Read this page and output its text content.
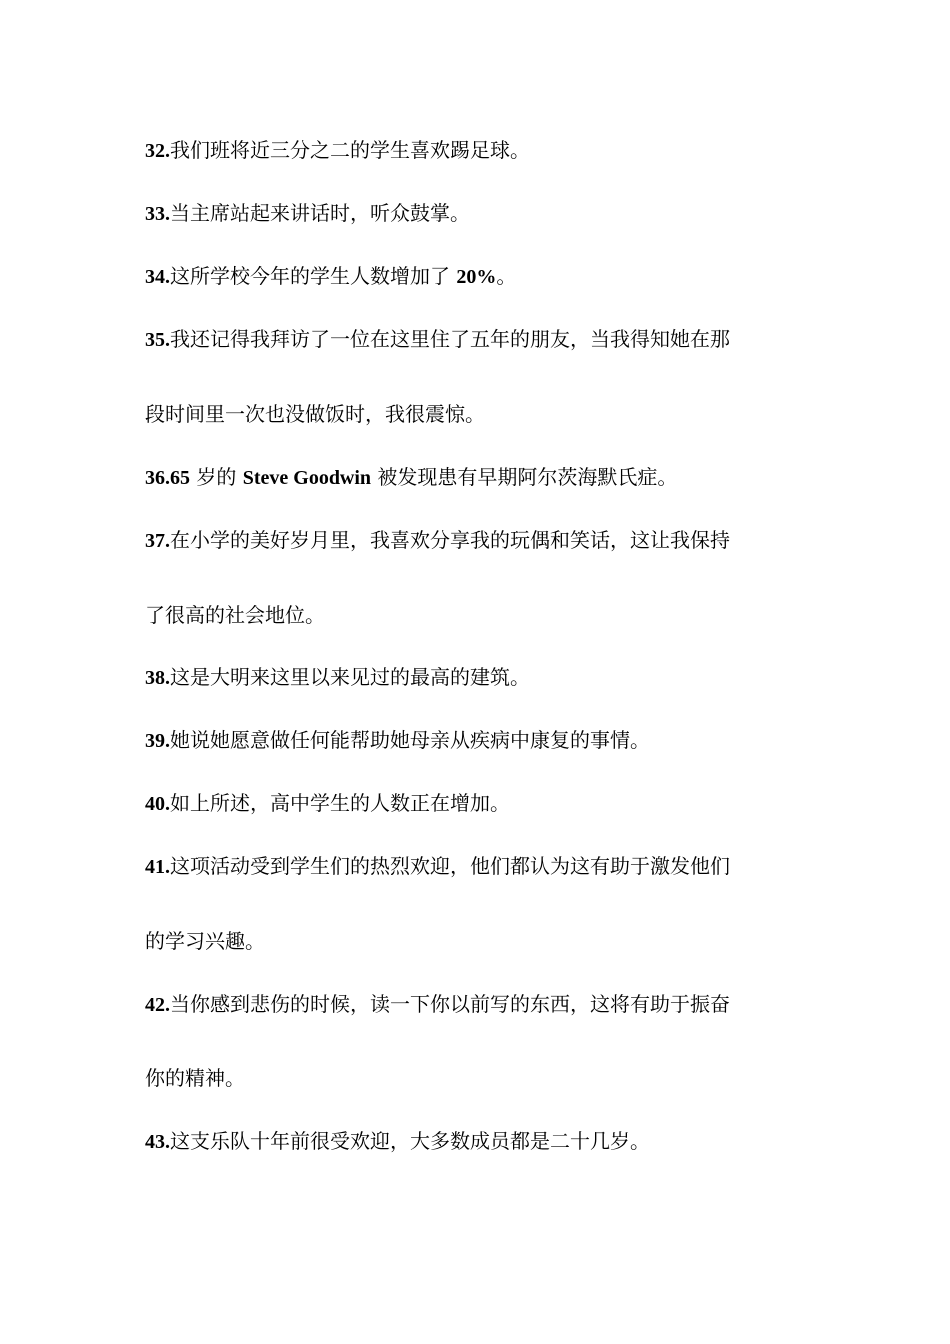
32.我们班将近三分之二的学生喜欢踢足球。
33.当主席站起来讲话时，听众鼓掌。
34.这所学校今年的学生人数增加了 20%。
35.我还记得我拜访了一位在这里住了五年的朋友，当我得知她在那
段时间里一次也没做饭时，我很震惊。
36.65 岁的 Steve Goodwin 被发现患有早期阿尔茨海默氏症。
37.在小学的美好岁月里，我喜欢分享我的玩偶和笑话，这让我保持
了很高的社会地位。
38.这是大明来这里以来见过的最高的建筑。
39.她说她愿意做任何能帮助她母亲从疾病中康复的事情。
40.如上所述，高中学生的人数正在增加。
41.这项活动受到学生们的热烈欢迎，他们都认为这有助于激发他们
的学习兴趣。
42.当你感到悲伤的时候，读一下你以前写的东西，这将有助于振奋
你的精神。
43.这支乐队十年前很受欢迎，大多数成员都是二十几岁。
